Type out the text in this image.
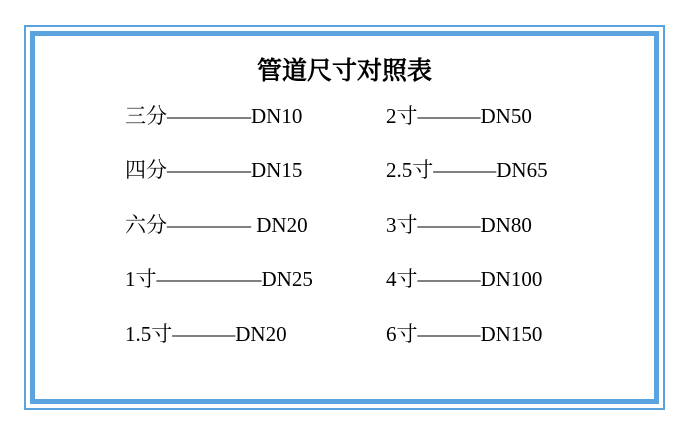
管道尺寸对照表
三分————DN10	2寸———DN50
四分————DN15	2.5寸———DN65
六分———— DN20	3寸———DN80
1寸—————DN25	4寸———DN100
1.5寸———DN20	6寸———DN150
